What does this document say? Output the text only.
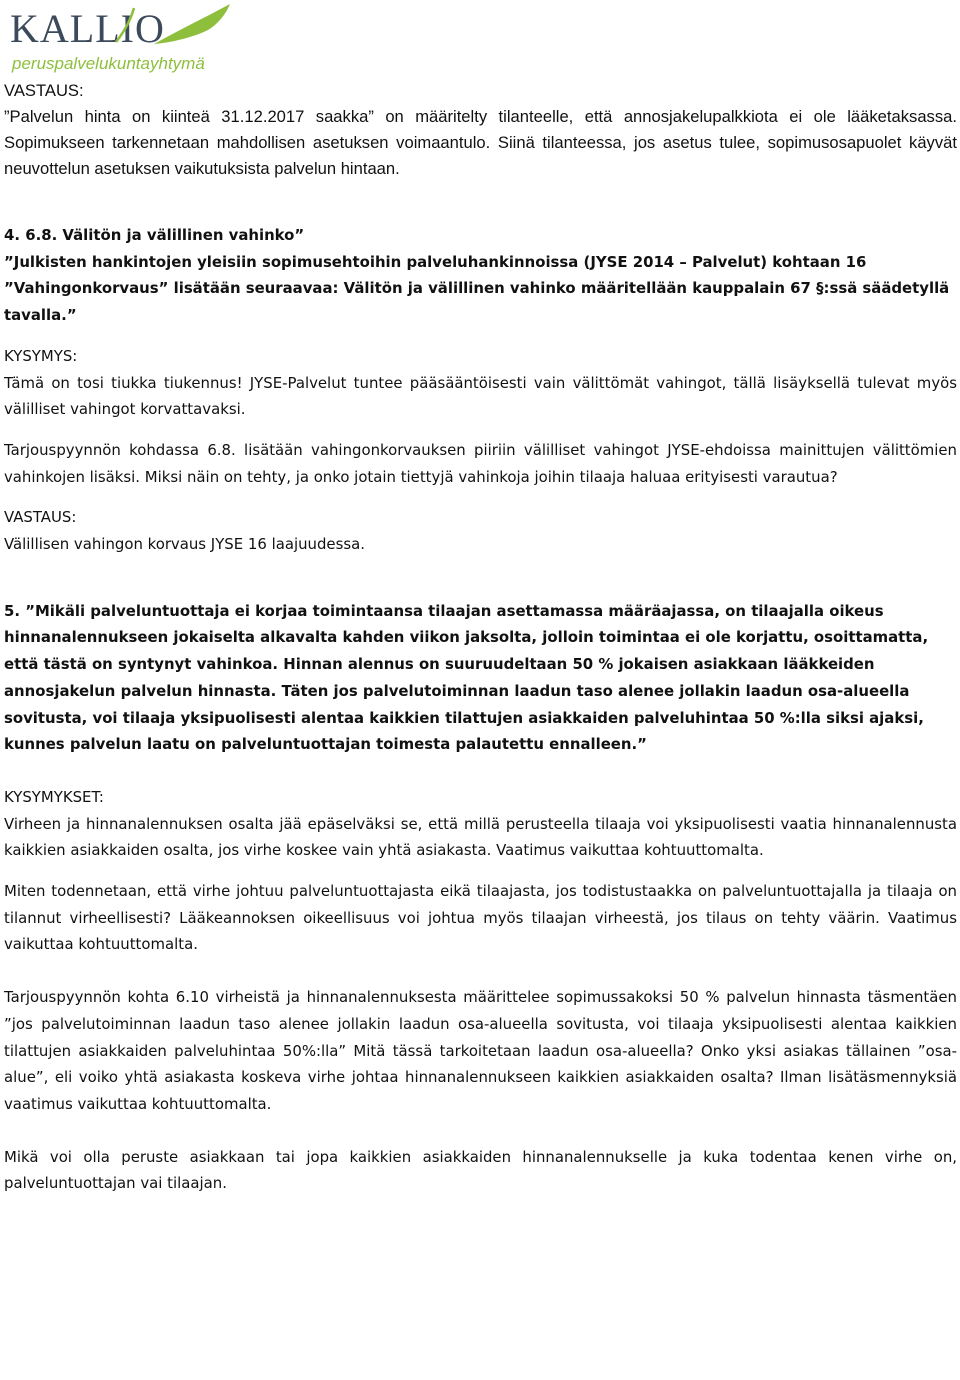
KALLIO
peruspalvelukuntayhtymä

VASTAUS:

”Palvelun hinta on kiinteä 31.12.2017 saakka” on määritelty tilanteelle, että annosjakelupalkkiota ei ole lääketaksassa. Sopimukseen tarkennetaan mahdollisen asetuksen voimaantulo. Siinä tilanteessa, jos asetus tulee, sopimusosapuolet käyvät neuvottelun asetuksen vaikutuksista palvelun hintaan.

4. 6.8. Välitön ja välillinen vahinko”

”Julkisten hankintojen yleisiin sopimusehtoihin palveluhankinnoissa (JYSE 2014 – Palvelut) kohtaan 16 ”Vahingonkorvaus” lisätään seuraavaa: Välitön ja välillinen vahinko määritellään kauppalain 67 §:ssä säädetyllä tavalla.”

KYSYMYS:

Tämä on tosi tiukka tiukennus! JYSE-Palvelut tuntee pääsääntöisesti vain välittömät vahingot, tällä lisäyksellä tulevat myös välilliset vahingot korvattavaksi.

Tarjouspyynnön kohdassa 6.8. lisätään vahingonkorvauksen piiriin välilliset vahingot JYSE-ehdoissa mainittujen välittömien vahinkojen lisäksi. Miksi näin on tehty, ja onko jotain tiettyjä vahinkoja joihin tilaaja haluaa erityisesti varautua?

VASTAUS:

Välillisen vahingon korvaus JYSE 16 laajuudessa.

5. ”Mikäli palveluntuottaja ei korjaa toimintaansa tilaajan asettamassa määräajassa, on tilaajalla oikeus hinnanalennukseen jokaiselta alkavalta kahden viikon jaksolta, jolloin toimintaa ei ole korjattu, osoittamatta, että tästä on syntynyt vahinkoa. Hinnan alennus on suuruudeltaan 50 % jokaisen asiakkaan lääkkeiden annosjakelun palvelun hinnasta. Täten jos palvelutoiminnan laadun taso alenee jollakin laadun osa-alueella sovitusta, voi tilaaja yksipuolisesti alentaa kaikkien tilattujen asiakkaiden palveluhintaa 50 %:lla siksi ajaksi, kunnes palvelun laatu on palveluntuottajan toimesta palautettu ennalleen.”

KYSYMYKSET:

Virheen ja hinnanalennuksen osalta jää epäselväksi se, että millä perusteella tilaaja voi yksipuolisesti vaatia hinnanalennusta kaikkien asiakkaiden osalta, jos virhe koskee vain yhtä asiakasta. Vaatimus vaikuttaa kohtuuttomalta.

Miten todennetaan, että virhe johtuu palveluntuottajasta eikä tilaajasta, jos todistustaakka on palveluntuottajalla ja tilaaja on tilannut virheellisesti? Lääkeannoksen oikeellisuus voi johtua myös tilaajan virheestä, jos tilaus on tehty väärin. Vaatimus vaikuttaa kohtuuttomalta.

Tarjouspyynnön kohta 6.10 virheistä ja hinnanalennuksesta määrittelee sopimussakoksi 50 % palvelun hinnasta täsmentäen ”jos palvelutoiminnan laadun taso alenee jollakin laadun osa-alueella sovitusta, voi tilaaja yksipuolisesti alentaa kaikkien tilattujen asiakkaiden palveluhintaa 50%:lla” Mitä tässä tarkoitetaan laadun osa-alueella? Onko yksi asiakas tällainen ”osa-alue”, eli voiko yhtä asiakasta koskeva virhe johtaa hinnanalennukseen kaikkien asiakkaiden osalta? Ilman lisätäsmennyksiä vaatimus vaikuttaa kohtuuttomalta.

Mikä voi olla peruste asiakkaan tai jopa kaikkien asiakkaiden hinnanalennukselle ja kuka todentaa kenen virhe on, palveluntuottajan vai tilaajan.
